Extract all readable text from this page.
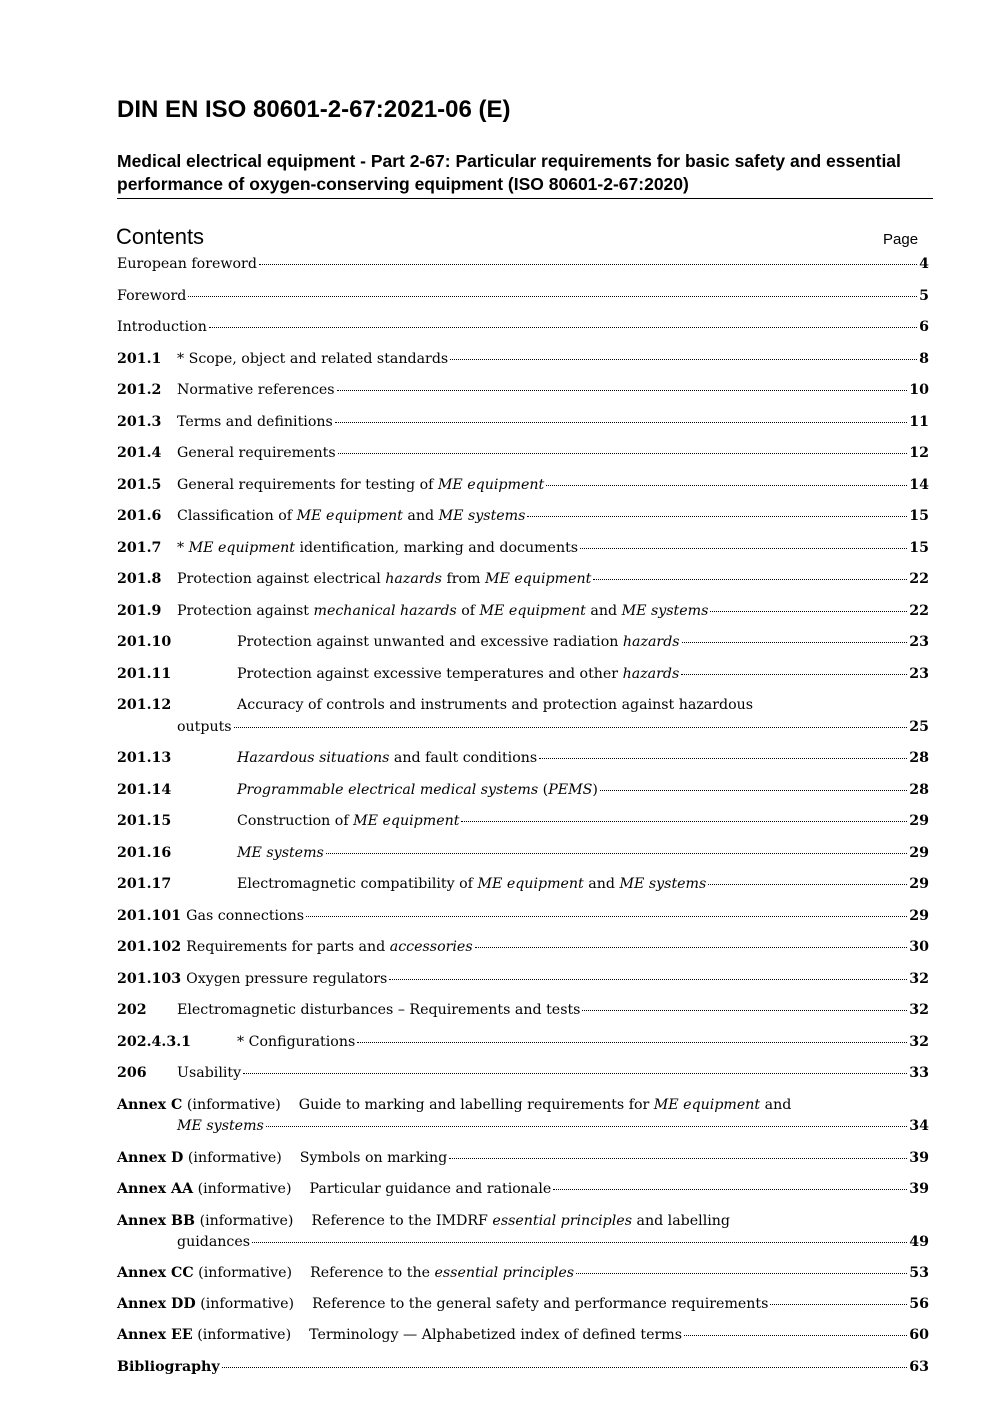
DIN EN ISO 80601-2-67:2021-06 (E)
Medical electrical equipment - Part 2-67: Particular requirements for basic safety and essential performance of oxygen-conserving equipment (ISO 80601-2-67:2020)
Contents	Page
European foreword	4
Foreword	5
Introduction	6
201.1	* Scope, object and related standards	8
201.2	Normative references	10
201.3	Terms and definitions	11
201.4	General requirements	12
201.5	General requirements for testing of ME equipment	14
201.6	Classification of ME equipment and ME systems	15
201.7	* ME equipment identification, marking and documents	15
201.8	Protection against electrical hazards from ME equipment	22
201.9	Protection against mechanical hazards of ME equipment and ME systems	22
201.10	Protection against unwanted and excessive radiation hazards	23
201.11	Protection against excessive temperatures and other hazards	23
201.12	Accuracy of controls and instruments and protection against hazardous
outputs	25
201.13	Hazardous situations and fault conditions	28
201.14	Programmable electrical medical systems (PEMS)	28
201.15	Construction of ME equipment	29
201.16	ME systems	29
201.17	Electromagnetic compatibility of ME equipment and ME systems	29
201.101 Gas connections	29
201.102 Requirements for parts and accessories	30
201.103 Oxygen pressure regulators	32
202	Electromagnetic disturbances – Requirements and tests	32
202.4.3.1	* Configurations	32
206	Usability	33
Annex C (informative)    Guide to marking and labelling requirements for ME equipment and
ME systems	34
Annex D (informative)    Symbols on marking	39
Annex AA (informative)    Particular guidance and rationale	39
Annex BB (informative)    Reference to the IMDRF essential principles and labelling
guidances	49
Annex CC (informative)    Reference to the essential principles	53
Annex DD (informative)    Reference to the general safety and performance requirements	56
Annex EE (informative)    Terminology — Alphabetized index of defined terms	60
Bibliography	63
